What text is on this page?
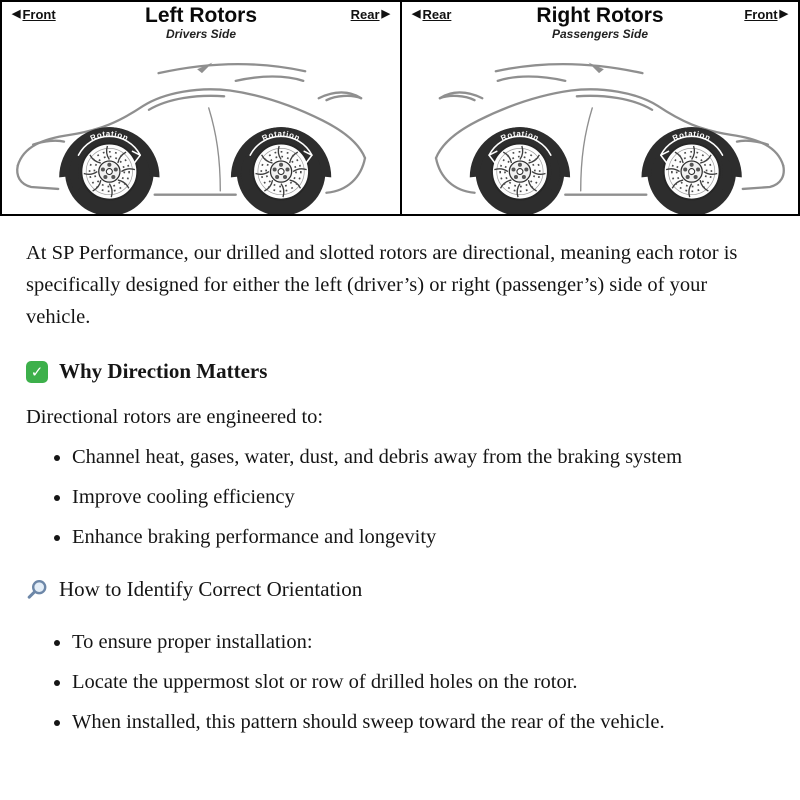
◀ Front	Left Rotors
Drivers Side
Rear ▶
Rotation	Rotation
◀ Rear	Right Rotors
Passengers Side
Front ▶
Rotation	Rotation

At SP Performance, our drilled and slotted rotors are directional, meaning each rotor is specifically designed for either the left (driver’s) or right (passenger’s) side of your vehicle.

✓ Why Direction Matters

Directional rotors are engineered to:

• Channel heat, gases, water, dust, and debris away from the braking system
• Improve cooling efficiency
• Enhance braking performance and longevity
How to Identify Correct Orientation
• To ensure proper installation:
• Locate the uppermost slot or row of drilled holes on the rotor.
• When installed, this pattern should sweep toward the rear of the vehicle.
